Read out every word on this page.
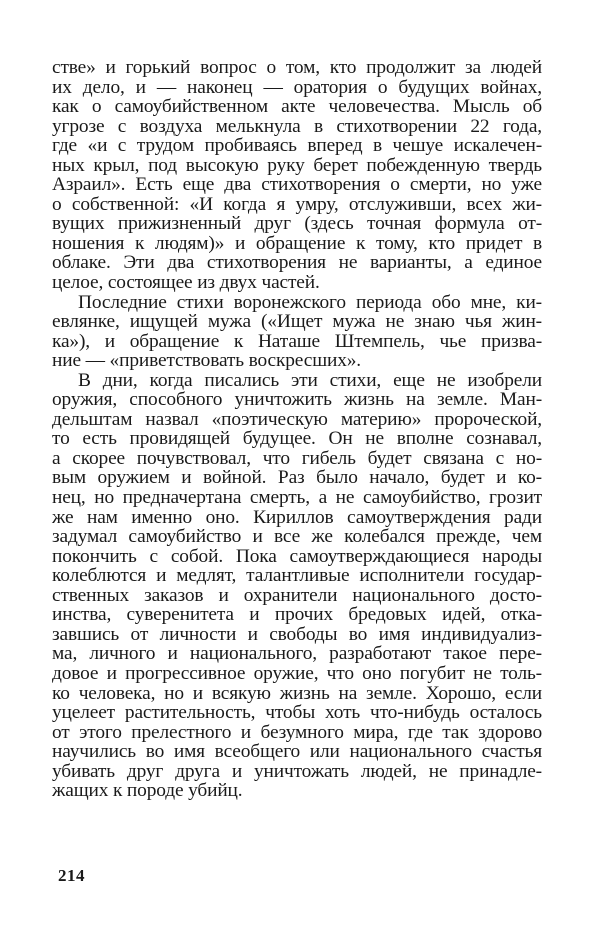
стве» и горький вопрос о том, кто продолжит за людей
их дело, и — наконец — оратория о будущих войнах,
как о самоубийственном акте человечества. Мысль об
угрозе с воздуха мелькнула в стихотворении 22 года,
где «и с трудом пробиваясь вперед в чешуе искалечен-
ных крыл, под высокую руку берет побежденную твердь
Азраил». Есть еще два стихотворения о смерти, но уже
о собственной: «И когда я умру, отслуживши, всех жи-
вущих прижизненный друг (здесь точная формула от-
ношения к людям)» и обращение к тому, кто придет в
облаке. Эти два стихотворения не варианты, а единое
целое, состоящее из двух частей.
Последние стихи воронежского периода обо мне, ки-
евлянке, ищущей мужа («Ищет мужа не знаю чья жин-
ка»), и обращение к Наташе Штемпель, чье призва-
ние — «приветствовать воскресших».
В дни, когда писались эти стихи, еще не изобрели
оружия, способного уничтожить жизнь на земле. Ман-
дельштам назвал «поэтическую материю» пророческой,
то есть провидящей будущее. Он не вполне сознавал,
а скорее почувствовал, что гибель будет связана с но-
вым оружием и войной. Раз было начало, будет и ко-
нец, но предначертана смерть, а не самоубийство, грозит
же нам именно оно. Кириллов самоутверждения ради
задумал самоубийство и все же колебался прежде, чем
покончить с собой. Пока самоутверждающиеся народы
колеблются и медлят, талантливые исполнители государ-
ственных заказов и охранители национального досто-
инства, суверенитета и прочих бредовых идей, отка-
завшись от личности и свободы во имя индивидуализ-
ма, личного и национального, разработают такое пере-
довое и прогрессивное оружие, что оно погубит не толь-
ко человека, но и всякую жизнь на земле. Хорошо, если
уцелеет растительность, чтобы хоть что-нибудь осталось
от этого прелестного и безумного мира, где так здорово
научились во имя всеобщего или национального счастья
убивать друг друга и уничтожать людей, не принадле-
жащих к породе убийц.
214
